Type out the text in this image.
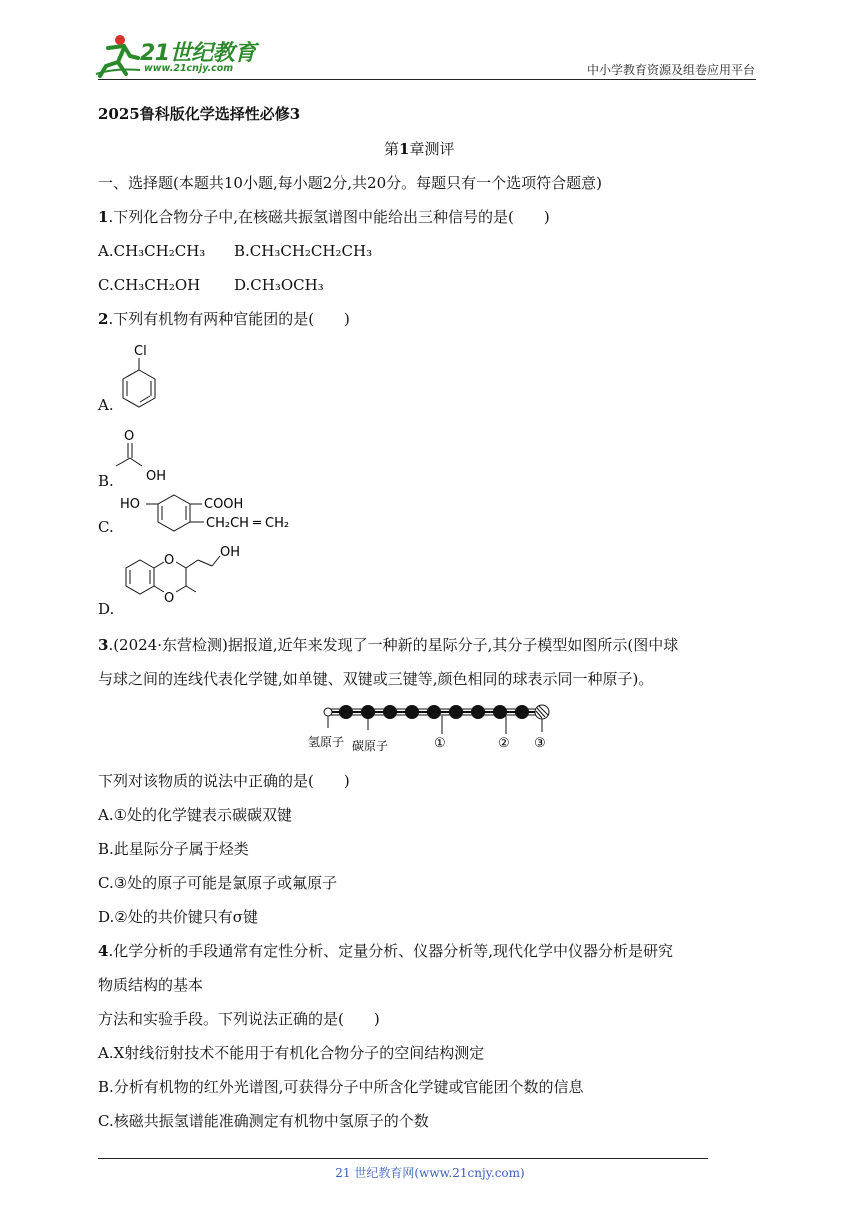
21世纪教育
www.21cnjy.com	中小学教育资源及组卷应用平台
2025鲁科版化学选择性必修3
第1章测评
一、选择题(本题共10小题,每小题2分,共20分。每题只有一个选项符合题意)
1.下列化合物分子中,在核磁共振氢谱图中能给出三种信号的是(　　)
A.CH₃CH₂CH₃ B.CH₃CH₂CH₂CH₃
C.CH₃CH₂OH D.CH₃OCH₃
2.下列有机物有两种官能团的是(　　)
A.
Cl
B.
O
OH
C.
HO	COOH
CH₂CH ═ CH₂
D.
O
O
OH
3.(2024·东营检测)据报道,近年来发现了一种新的星际分子,其分子模型如图所示(图中球
与球之间的连线代表化学键,如单键、双键或三键等,颜色相同的球表示同一种原子)。
氢原子 碳原子	①	② ③
下列对该物质的说法中正确的是(　　)
A.①处的化学键表示碳碳双键
B.此星际分子属于烃类
C.③处的原子可能是氯原子或氟原子
D.②处的共价键只有σ键
4.化学分析的手段通常有定性分析、定量分析、仪器分析等,现代化学中仪器分析是研究
物质结构的基本
方法和实验手段。下列说法正确的是(　　)
A.X射线衍射技术不能用于有机化合物分子的空间结构测定
B.分析有机物的红外光谱图,可获得分子中所含化学键或官能团个数的信息
C.核磁共振氢谱能准确测定有机物中氢原子的个数
21 世纪教育网(www.21cnjy.com)
